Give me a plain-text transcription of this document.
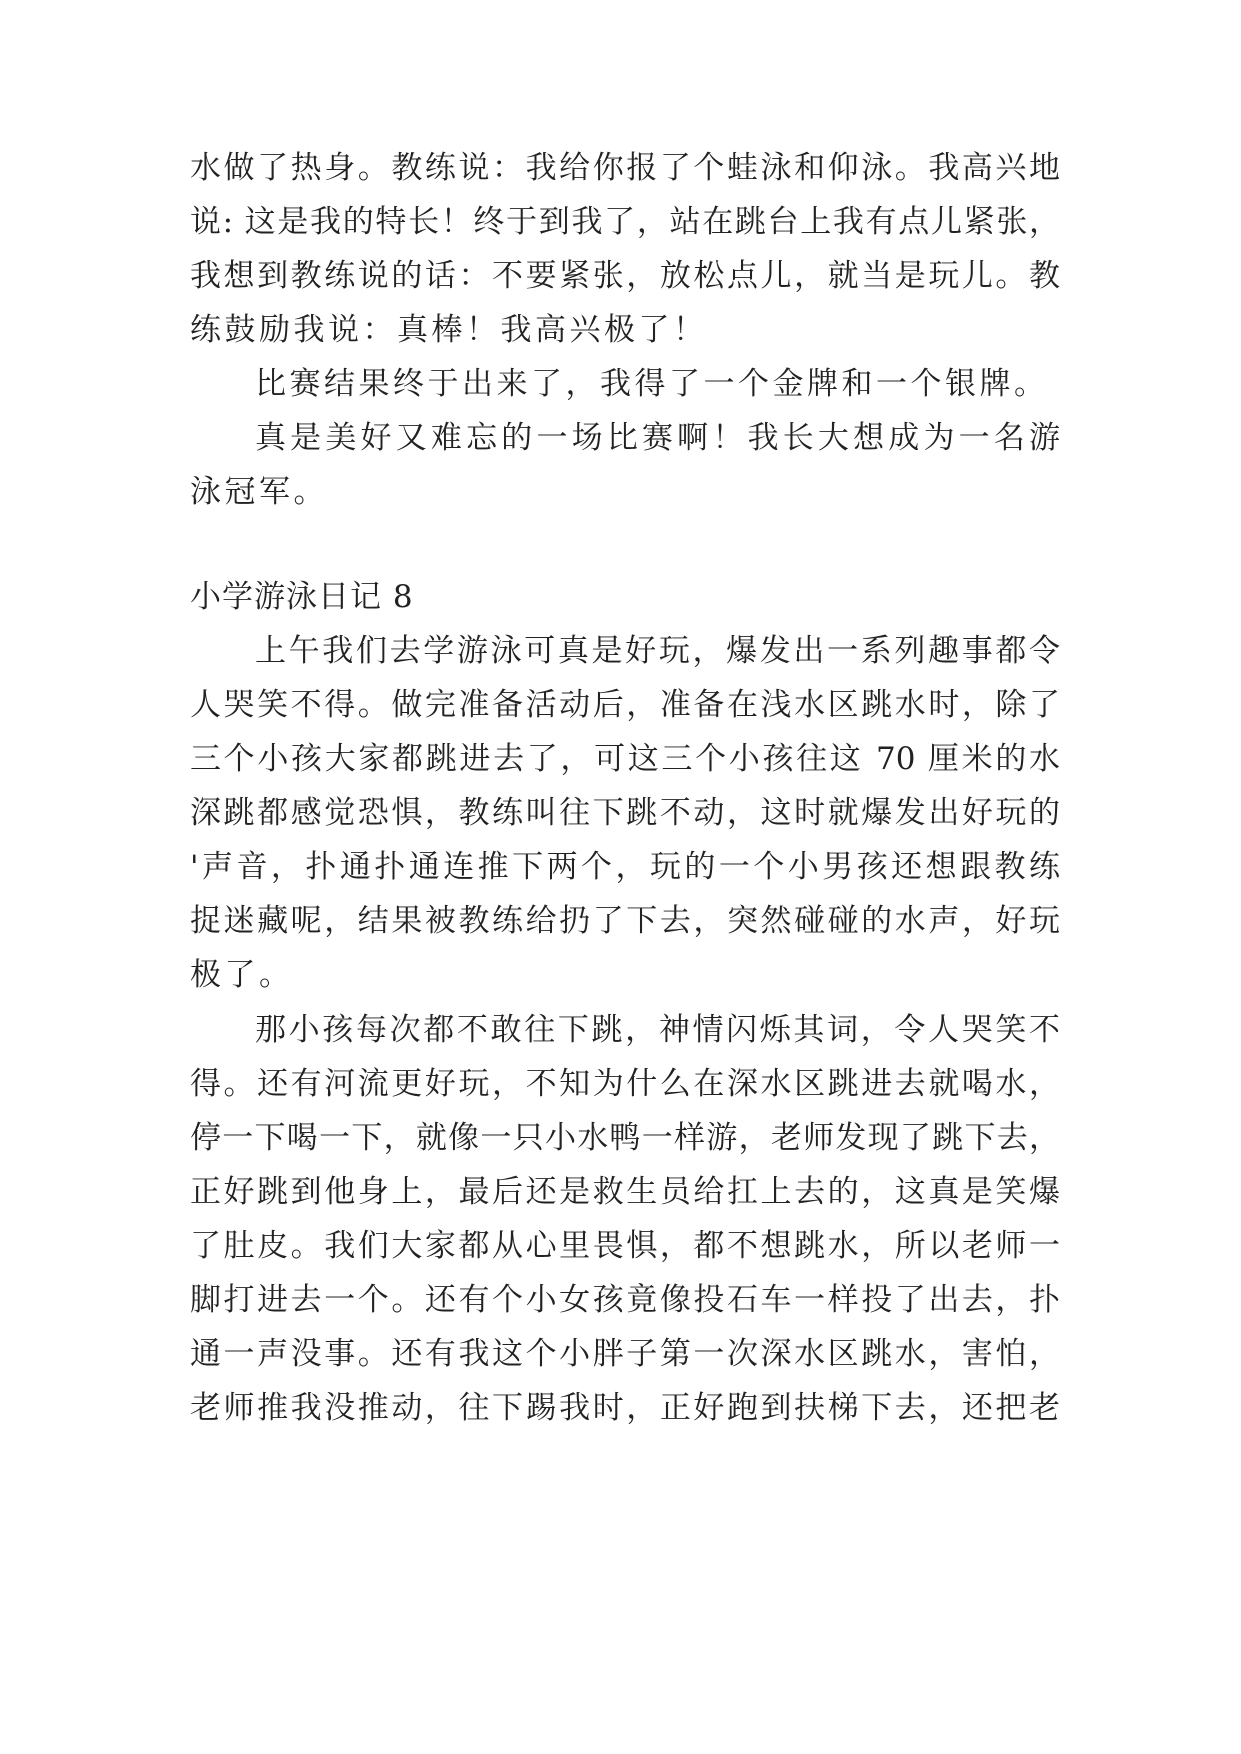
水做了热身。教练说：我给你报了个蛙泳和仰泳。我高兴地
说: 这是我的特长！终于到我了，站在跳台上我有点儿紧张，
我想到教练说的话：不要紧张，放松点儿，就当是玩儿。教
练鼓励我说：真棒！我高兴极了！
比赛结果终于出来了，我得了一个金牌和一个银牌。
真是美好又难忘的一场比赛啊！我长大想成为一名游
泳冠军。
小学游泳日记 8
上午我们去学游泳可真是好玩，爆发出一系列趣事都令
人哭笑不得。做完准备活动后，准备在浅水区跳水时，除了
三个小孩大家都跳进去了，可这三个小孩往这 70 厘米的水
深跳都感觉恐惧，教练叫往下跳不动，这时就爆发出好玩的
'声音，扑通扑通连推下两个，玩的一个小男孩还想跟教练
捉迷藏呢，结果被教练给扔了下去，突然碰碰的水声，好玩
极了。
那小孩每次都不敢往下跳，神情闪烁其词，令人哭笑不
得。还有河流更好玩，不知为什么在深水区跳进去就喝水，
停一下喝一下，就像一只小水鸭一样游，老师发现了跳下去，
正好跳到他身上，最后还是救生员给扛上去的，这真是笑爆
了肚皮。我们大家都从心里畏惧，都不想跳水，所以老师一
脚打进去一个。还有个小女孩竟像投石车一样投了出去，扑
通一声没事。还有我这个小胖子第一次深水区跳水，害怕，
老师推我没推动，往下踢我时，正好跑到扶梯下去，还把老
